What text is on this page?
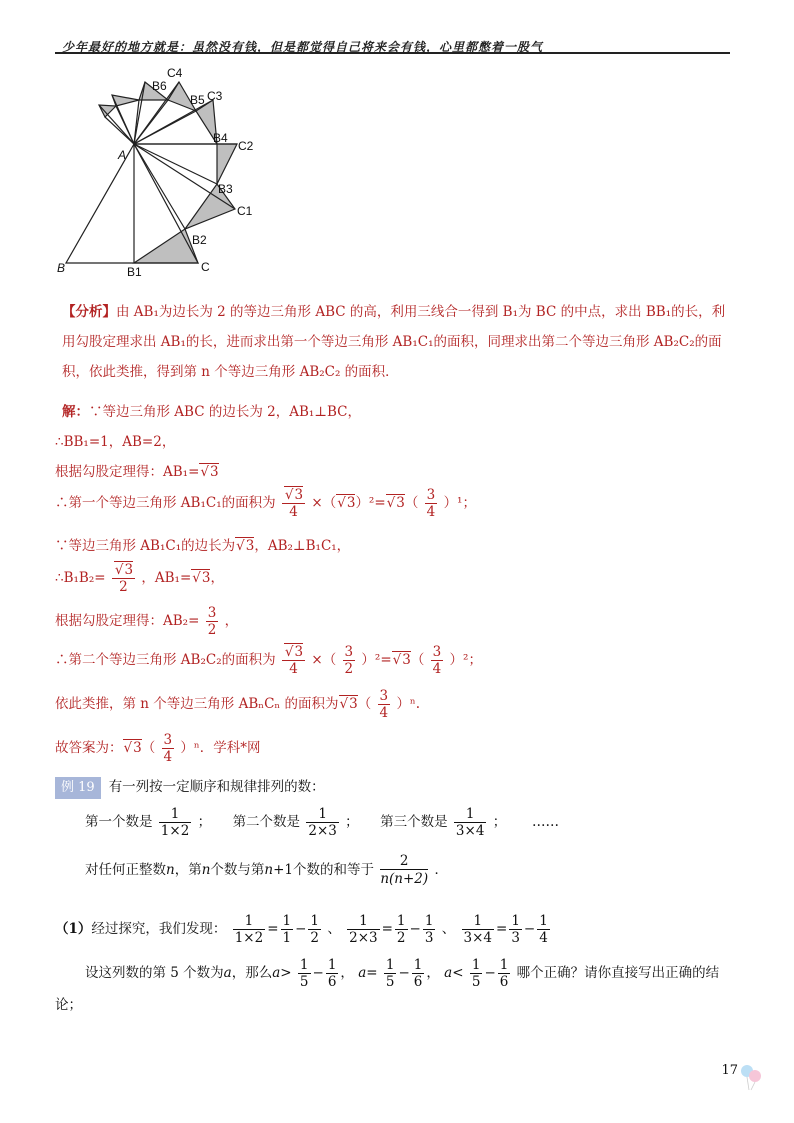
少年最好的地方就是：虽然没有钱，但是都觉得自己将来会有钱，心里都憋着一股气
A
B	B1	C
B2
C1
B3
B4
C2
B5 C3
B6
C4
【分析】由 AB₁为边长为 2 的等边三角形 ABC 的高，利用三线合一得到 B₁为 BC 的中点，求出 BB₁的长，利
用勾股定理求出 AB₁的长，进而求出第一个等边三角形 AB₁C₁的面积，同理求出第二个等边三角形 AB₂C₂的面
积，依此类推，得到第 n 个等边三角形 AB₂C₂ 的面积．
解：∵等边三角形 ABC 的边长为 2，AB₁⊥BC，
∴BB₁=1，AB=2，
根据勾股定理得：AB₁=√ 3
∴第一个等边三角形 AB₁C₁的面积为
√ $\frac{3}{4}$ ×（√ 3）²=√ $3( \frac{3}{4} )^1$；
∵等边三角形 AB₁C₁的边长为√ 3，AB₂⊥B₁C₁，
∴B₁B₂=
√ $\frac{3}{2}$ ，AB₁=√ 3，
根据勾股定理得：$AB_2= \frac{3}{2}$ ，
∴第二个等边三角形 AB₂C₂的面积为
√ $\frac{3}{4}$ ×（ $\frac{3}{2} )^2=√$ $3( \frac{3}{4} )^2$；
依此类推，第 n 个等边三角形 ABₙCₙ 的面积为√ $3( \frac{3}{4} )^n$.
故答案为：√ $3( \frac{3}{4} )^n$．学科*网
例 19 有一列按一定顺序和规律排列的数：
第一个数是 $\frac{1}{1\times 2}$ ； 第二个数是 $\frac{1}{2\times 3}$ ； 第三个数是 $\frac{1}{3\times 4}$ ； ……
对任何正整数n，第n个数与第n+1个数的和等于 $\frac{2}{n(n+2)}$ ．
（1）经过探究，我们发现： $\frac{1}{1\times 2} = \frac{1}{1} - \frac{1}{2}$ 、 $\frac{1}{2\times 3} = \frac{1}{2} - \frac{1}{3}$ 、 $\frac{1}{3\times 4} = \frac{1}{3} - \frac{1}{4}$
设这列数的第 5 个数为a，那么$a> \frac{1}{5} - \frac{1}{6}$ ， $a= \frac{1}{5} - \frac{1}{6}$ ， $a< \frac{1}{5} - \frac{1}{6}$ 哪个正确？请你直接写出正确的结
论；
17
